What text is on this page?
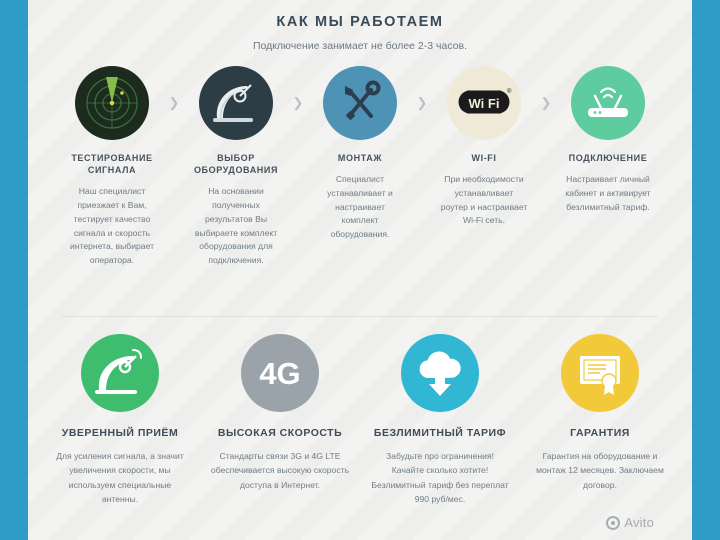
КАК МЫ РАБОТАЕМ
Подключение занимает не более 2-3 часов.
ТЕСТИРОВАНИЕ СИГНАЛА
Наш специалист приезжает к Вам, тестирует качество сигнала и скорость интернета, выбирает оператора.
❯
ВЫБОР ОБОРУДОВАНИЯ
На основании полученных результатов Вы выбираете комплект оборудования для подключения.
❯
МОНТАЖ
Специалист устанавливает и настраивает комплект оборудования.
❯	Wi Fi
®
WI-FI
При необходимости устанавливает роутер и настраивает Wi-Fi сеть.
❯
ПОДКЛЮЧЕНИЕ
Настраивает личный кабинет и активирует безлимитный тариф.
УВЕРЕННЫЙ ПРИЁМ
Для усиления сигнала, а значит увеличения скорости, мы используем специальные антенны.
4G
ВЫСОКАЯ СКОРОСТЬ
Стандарты связи 3G и 4G LTE обеспечивается высокую скорость доступа в Интернет.
БЕЗЛИМИТНЫЙ ТАРИФ
Забудьте про ограничения! Качайте сколько хотите! Безлимитный тариф без переплат 990 руб/мес.
ГАРАНТИЯ
Гарантия на оборудование и монтаж 12 месяцев. Заключаем договор.
Avito
